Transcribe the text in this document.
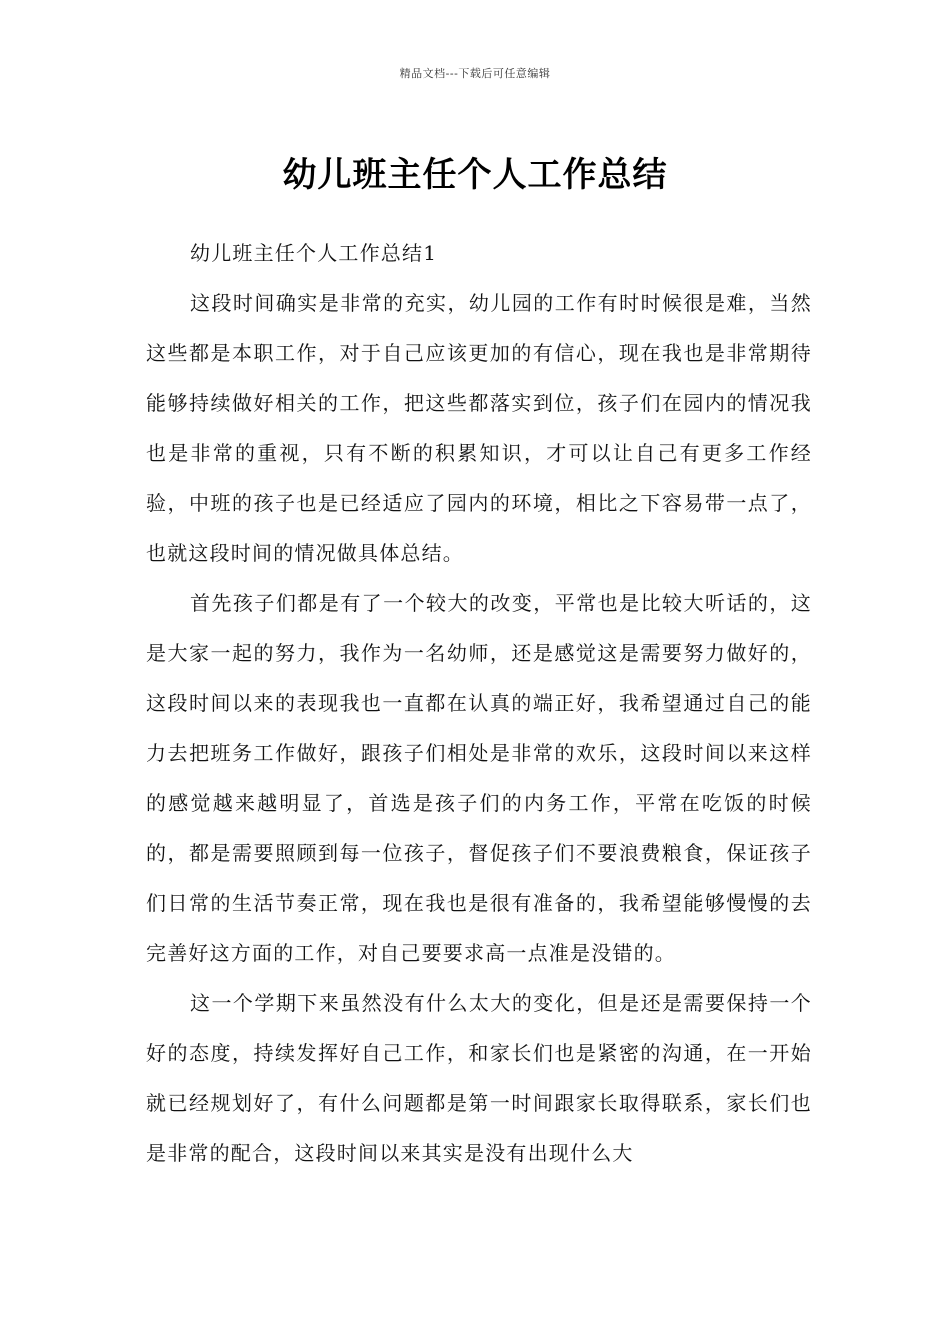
精品文档---下载后可任意编辑
幼儿班主任个人工作总结

幼儿班主任个人工作总结1

这段时间确实是非常的充实，幼儿园的工作有时时候很是难，当然这些都是本职工作，对于自己应该更加的有信心，现在我也是非常期待能够持续做好相关的工作，把这些都落实到位，孩子们在园内的情况我也是非常的重视，只有不断的积累知识，才可以让自己有更多工作经验，中班的孩子也是已经适应了园内的环境，相比之下容易带一点了，也就这段时间的情况做具体总结。

首先孩子们都是有了一个较大的改变，平常也是比较大听话的，这是大家一起的努力，我作为一名幼师，还是感觉这是需要努力做好的，这段时间以来的表现我也一直都在认真的端正好，我希望通过自己的能力去把班务工作做好，跟孩子们相处是非常的欢乐，这段时间以来这样的感觉越来越明显了，首选是孩子们的内务工作，平常在吃饭的时候的，都是需要照顾到每一位孩子，督促孩子们不要浪费粮食，保证孩子们日常的生活节奏正常，现在我也是很有准备的，我希望能够慢慢的去完善好这方面的工作，对自己要要求高一点准是没错的。

这一个学期下来虽然没有什么太大的变化，但是还是需要保持一个好的态度，持续发挥好自己工作，和家长们也是紧密的沟通，在一开始就已经规划好了，有什么问题都是第一时间跟家长取得联系，家长们也是非常的配合，这段时间以来其实是没有出现什么大
